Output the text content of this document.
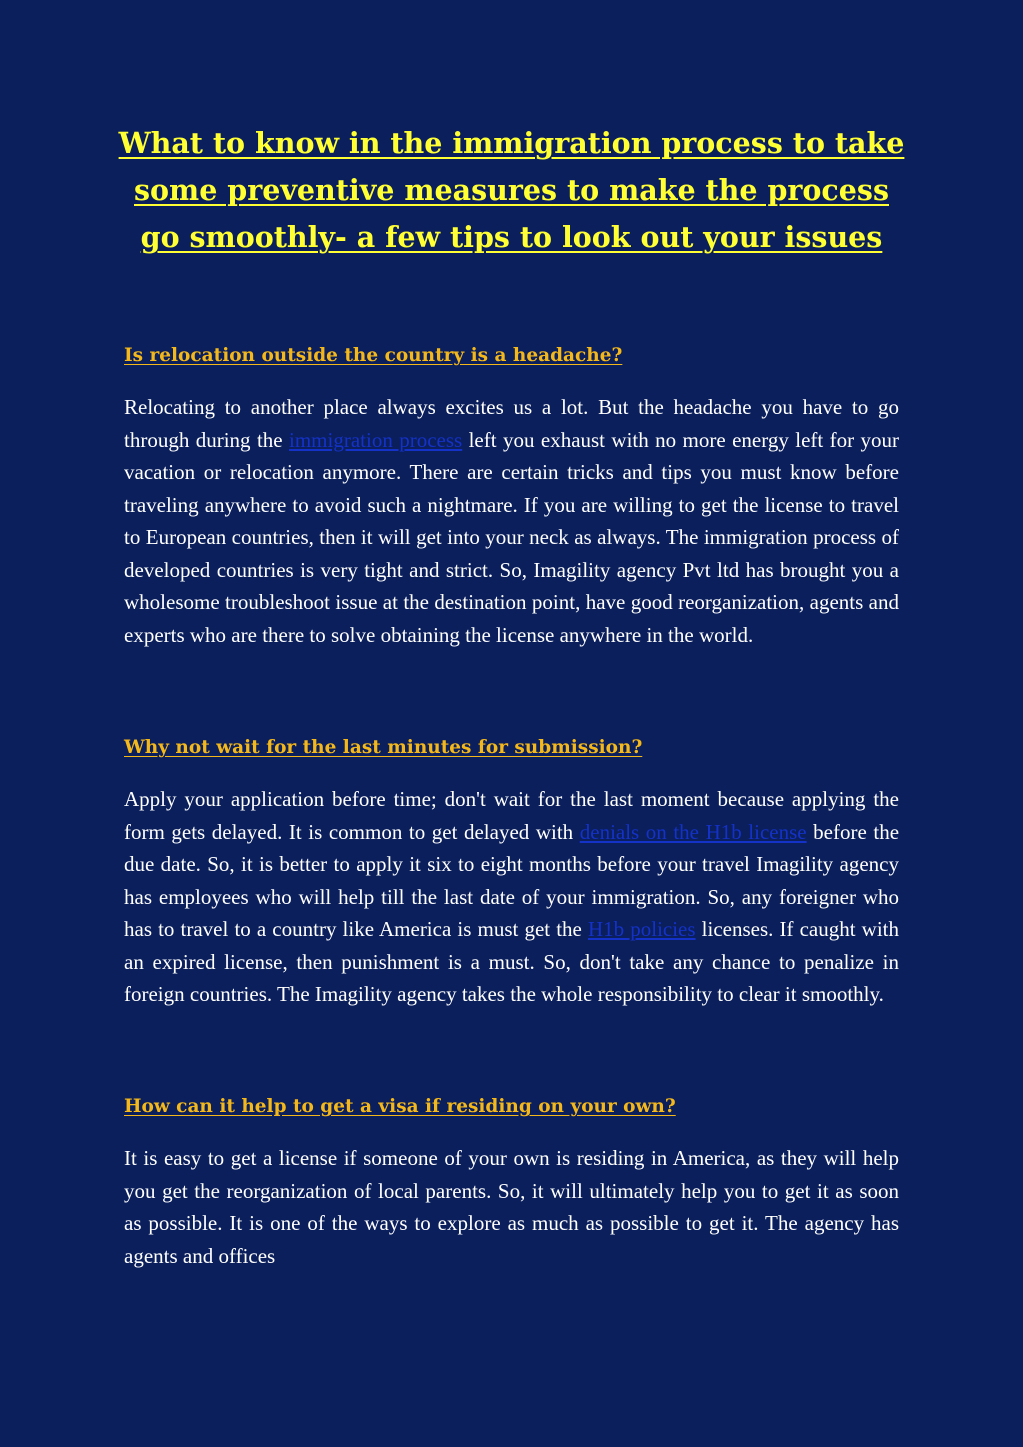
What to know in the immigration process to take some preventive measures to make the process go smoothly- a few tips to look out your issues
Is relocation outside the country is a headache?

Relocating to another place always excites us a lot. But the headache you have to go through during the immigration process left you exhaust with no more energy left for your vacation or relocation anymore. There are certain tricks and tips you must know before traveling anywhere to avoid such a nightmare. If you are willing to get the license to travel to European countries, then it will get into your neck as always. The immigration process of developed countries is very tight and strict. So, Imagility agency Pvt ltd has brought you a wholesome troubleshoot issue at the destination point, have good reorganization, agents and experts who are there to solve obtaining the license anywhere in the world.

Why not wait for the last minutes for submission?

Apply your application before time; don't wait for the last moment because applying the form gets delayed. It is common to get delayed with denials on the H1b license before the due date. So, it is better to apply it six to eight months before your travel Imagility agency has employees who will help till the last date of your immigration. So, any foreigner who has to travel to a country like America is must get the H1b policies licenses. If caught with an expired license, then punishment is a must. So, don't take any chance to penalize in foreign countries. The Imagility agency takes the whole responsibility to clear it smoothly.

How can it help to get a visa if residing on your own?

It is easy to get a license if someone of your own is residing in America, as they will help you get the reorganization of local parents. So, it will ultimately help you to get it as soon as possible. It is one of the ways to explore as much as possible to get it. The agency has agents and offices
